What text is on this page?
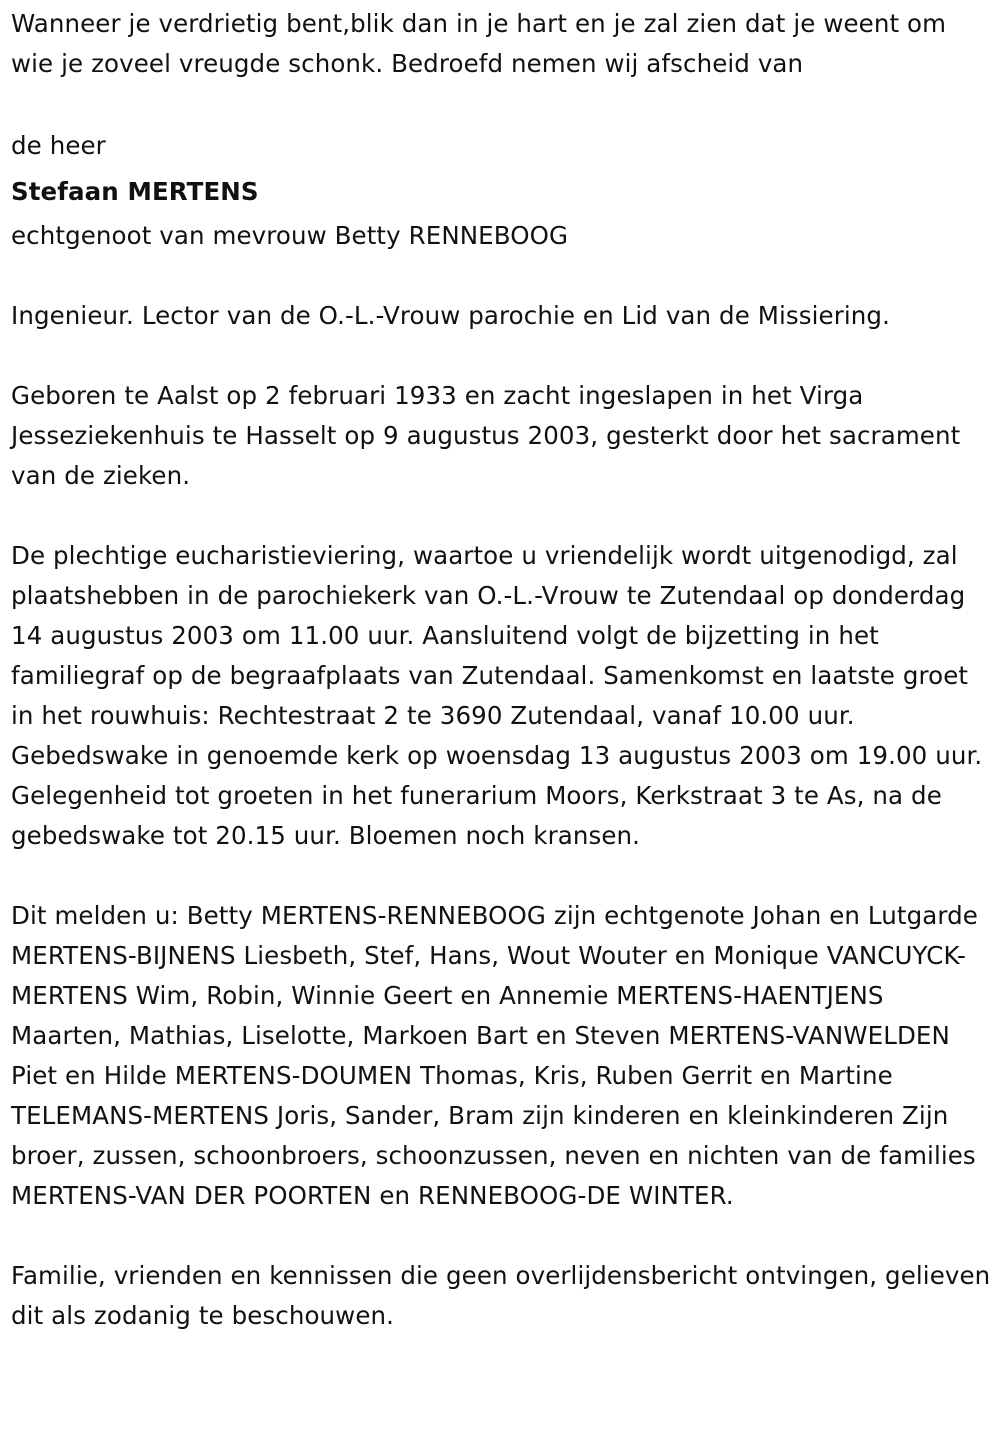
Wanneer je verdrietig bent,blik dan in je hart en je zal zien dat je weent om wie je zoveel vreugde schonk. Bedroefd nemen wij afscheid van

de heer

Stefaan MERTENS

echtgenoot van mevrouw Betty RENNEBOOG

Ingenieur. Lector van de O.-L.-Vrouw parochie en Lid van de Missiering.

Geboren te Aalst op 2 februari 1933 en zacht ingeslapen in het Virga Jesseziekenhuis te Hasselt op 9 augustus 2003, gesterkt door het sacrament van de zieken.

De plechtige eucharistieviering, waartoe u vriendelijk wordt uitgenodigd, zal plaatshebben in de parochiekerk van O.-L.-Vrouw te Zutendaal op donderdag 14 augustus 2003 om 11.00 uur. Aansluitend volgt de bijzetting in het familiegraf op de begraafplaats van Zutendaal. Samenkomst en laatste groet in het rouwhuis: Rechtestraat 2 te 3690 Zutendaal, vanaf 10.00 uur. Gebedswake in genoemde kerk op woensdag 13 augustus 2003 om 19.00 uur. Gelegenheid tot groeten in het funerarium Moors, Kerkstraat 3 te As, na de gebedswake tot 20.15 uur. Bloemen noch kransen.

Dit melden u: Betty MERTENS-RENNEBOOG zijn echtgenote Johan en Lutgarde MERTENS-BIJNENS Liesbeth, Stef, Hans, Wout Wouter en Monique VANCUYCK-MERTENS Wim, Robin, Winnie Geert en Annemie MERTENS-HAENTJENS Maarten, Mathias, Liselotte, Markoen Bart en Steven MERTENS-VANWELDEN Piet en Hilde MERTENS-DOUMEN Thomas, Kris, Ruben Gerrit en Martine TELEMANS-MERTENS Joris, Sander, Bram zijn kinderen en kleinkinderen Zijn broer, zussen, schoonbroers, schoonzussen, neven en nichten van de families MERTENS-VAN DER POORTEN en RENNEBOOG-DE WINTER.

Familie, vrienden en kennissen die geen overlijdensbericht ontvingen, gelieven dit als zodanig te beschouwen.
